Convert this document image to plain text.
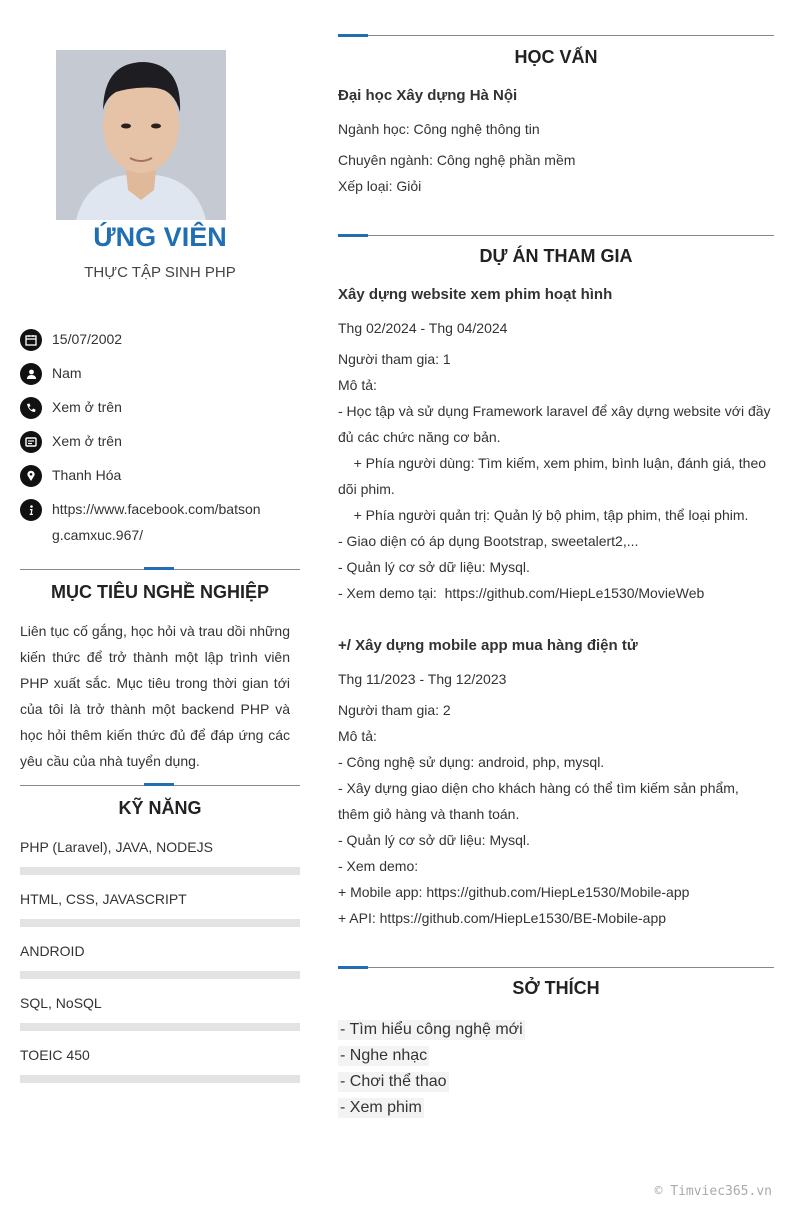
ỨNG VIÊN
THỰC TẬP SINH PHP
15/07/2002
Nam
Xem ở trên
Xem ở trên
Thanh Hóa
https://www.facebook.com/batsong.camxuc.967/
MỤC TIÊU NGHỀ NGHIỆP
Liên tục cố gắng, học hỏi và trau dồi những kiến thức để trở thành một lập trình viên PHP xuất sắc. Mục tiêu trong thời gian tới của tôi là trở thành một backend PHP và học hỏi thêm kiến thức đủ để đáp ứng các yêu cầu của nhà tuyển dụng.
KỸ NĂNG
PHP (Laravel), JAVA, NODEJS
HTML, CSS, JAVASCRIPT
ANDROID
SQL, NoSQL
TOEIC 450
HỌC VẤN
Đại học Xây dựng Hà Nội
Ngành học: Công nghệ thông tin
Chuyên ngành: Công nghệ phần mềm
Xếp loại: Giỏi
DỰ ÁN THAM GIA
Xây dựng website xem phim hoạt hình
Thg 02/2024 - Thg 04/2024
Người tham gia: 1
Mô tả:
- Học tập và sử dụng Framework laravel để xây dựng website với đầy đủ các chức năng cơ bản.
+ Phía người dùng: Tìm kiếm, xem phim, bình luận, đánh giá, theo dõi phim.
+ Phía người quản trị: Quản lý bộ phim, tập phim, thể loại phim.
- Giao diện có áp dụng Bootstrap, sweetalert2,...
- Quản lý cơ sở dữ liệu: Mysql.
- Xem demo tại:  https://github.com/HiepLe1530/MovieWeb
+/ Xây dựng mobile app mua hàng điện tử
Thg 11/2023 - Thg 12/2023
Người tham gia: 2
Mô tả:
- Công nghệ sử dụng: android, php, mysql.
- Xây dựng giao diện cho khách hàng có thể tìm kiếm sản phẩm, thêm giỏ hàng và thanh toán.
- Quản lý cơ sở dữ liệu: Mysql.
- Xem demo:
+ Mobile app: https://github.com/HiepLe1530/Mobile-app
+ API: https://github.com/HiepLe1530/BE-Mobile-app
SỞ THÍCH
- Tìm hiểu công nghệ mới
- Nghe nhạc
- Chơi thể thao
- Xem phim
© Timviec365.vn
